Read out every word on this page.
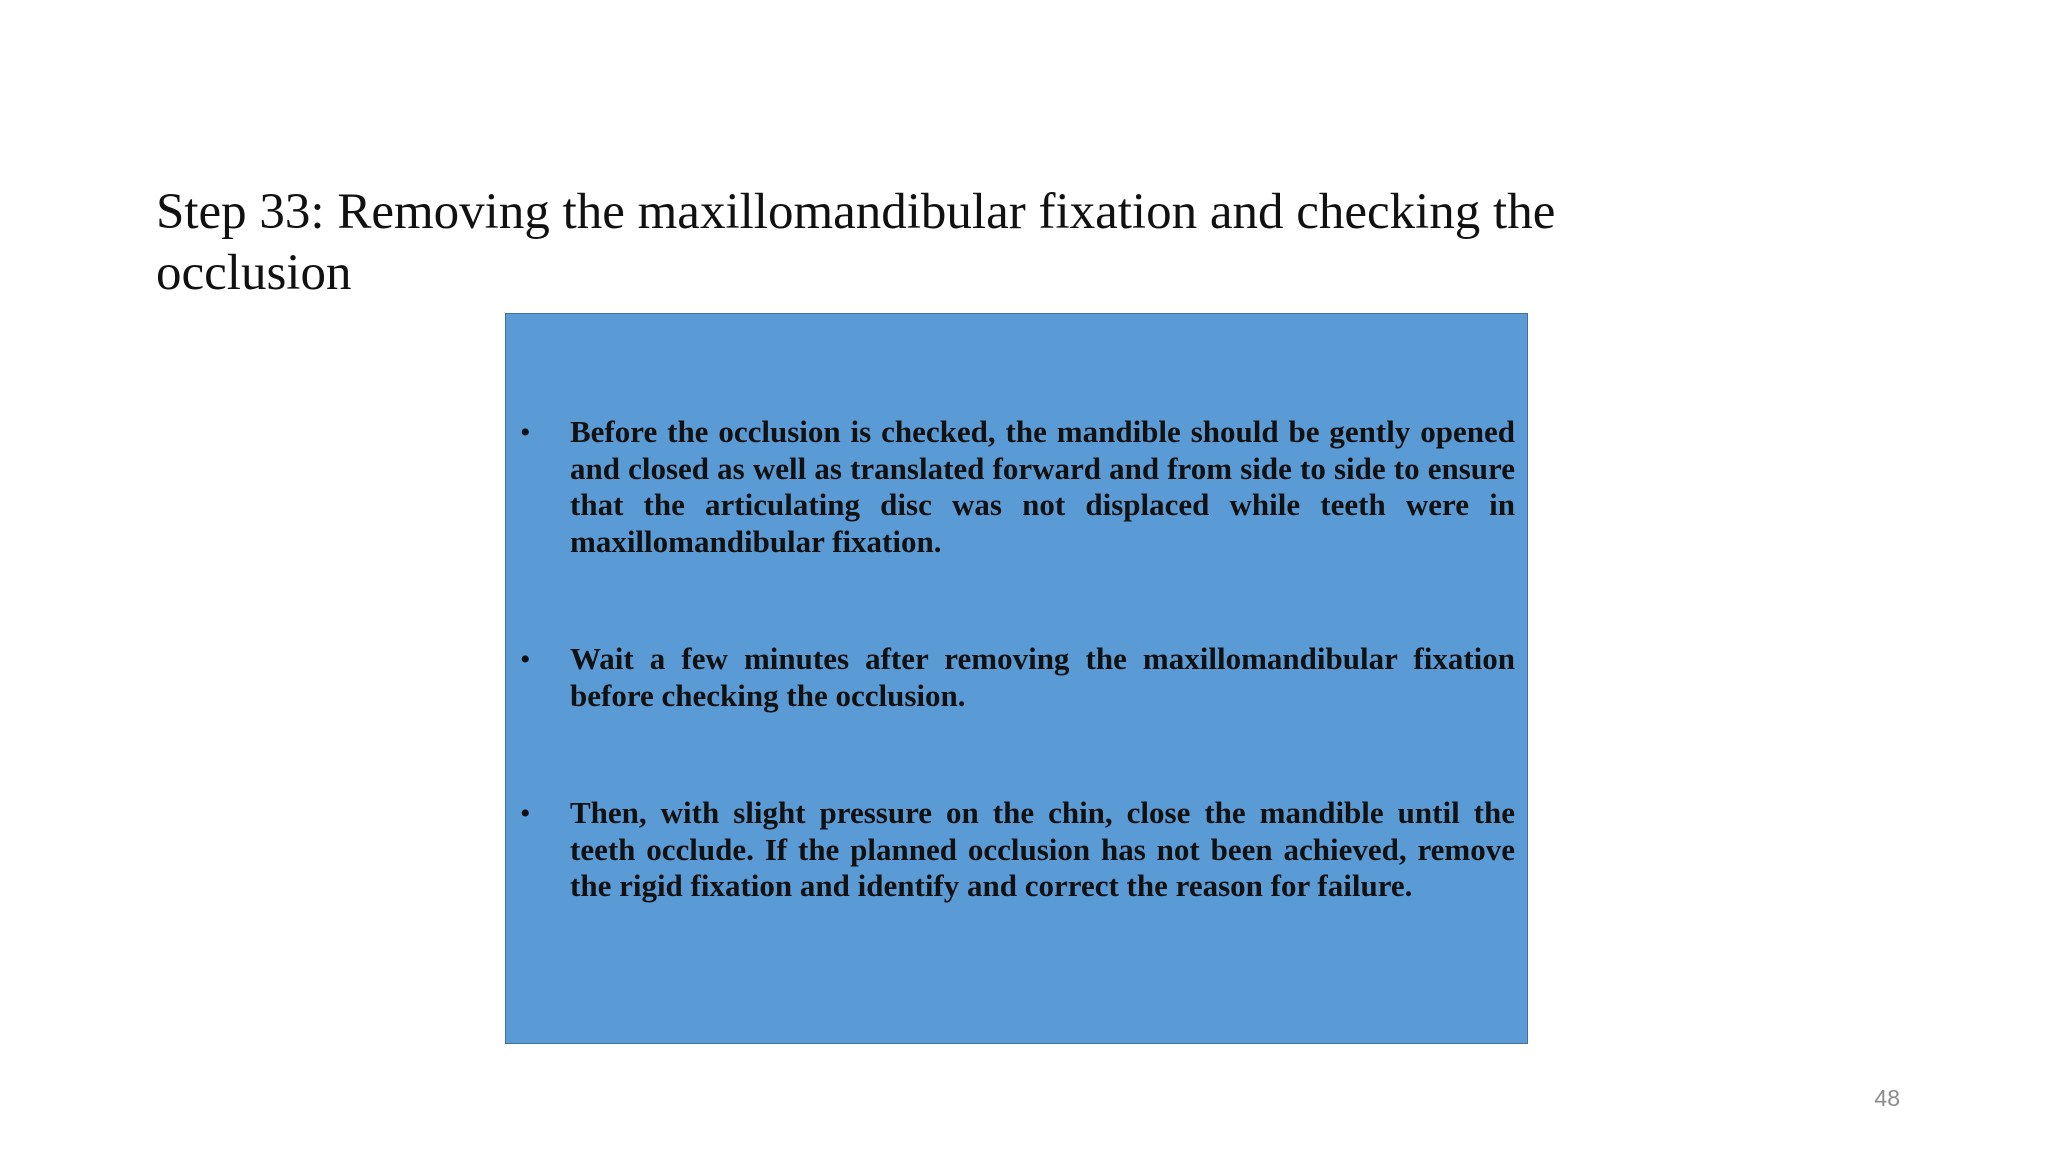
Step 33: Removing the maxillomandibular fixation and checking the occlusion
• Before the occlusion is checked, the mandible should be gently opened and closed as well as translated forward and from side to side to ensure that the articulating disc was not displaced while teeth were in maxillomandibular fixation.

• Wait a few minutes after removing the maxillomandibular fixation before checking the occlusion.

• Then, with slight pressure on the chin, close the mandible until the teeth occlude. If the planned occlusion has not been achieved, remove the rigid fixation and identify and correct the reason for failure.

48
